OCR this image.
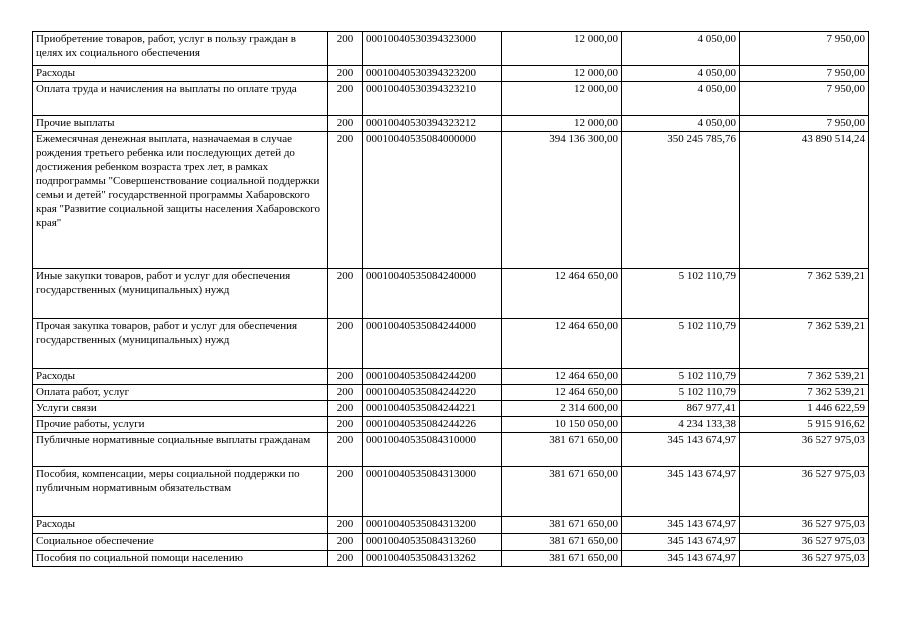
Приобретение товаров, работ, услуг в пользу граждан в целях их социального обеспечения	200	00010040530394323000	12 000,00	4 050,00	7 950,00
Расходы	200	00010040530394323200	12 000,00	4 050,00	7 950,00
Оплата труда и начисления на выплаты по оплате труда	200	00010040530394323210	12 000,00	4 050,00	7 950,00
Прочие выплаты	200	00010040530394323212	12 000,00	4 050,00	7 950,00
Ежемесячная денежная выплата, назначаемая в случае рождения третьего ребенка или последующих детей до достижения ребенком возраста трех лет, в рамках подпрограммы "Совершенствование социальной поддержки семьи и детей" государственной программы Хабаровского края "Развитие социальной защиты населения Хабаровского края"	200	00010040535084000000	394 136 300,00	350 245 785,76	43 890 514,24
Иные закупки товаров, работ и услуг для обеспечения государственных (муниципальных) нужд	200	00010040535084240000	12 464 650,00	5 102 110,79	7 362 539,21
Прочая закупка товаров, работ и услуг для обеспечения государственных (муниципальных) нужд	200	00010040535084244000	12 464 650,00	5 102 110,79	7 362 539,21
Расходы	200	00010040535084244200	12 464 650,00	5 102 110,79	7 362 539,21
Оплата работ, услуг	200	00010040535084244220	12 464 650,00	5 102 110,79	7 362 539,21
Услуги связи	200	00010040535084244221	2 314 600,00	867 977,41	1 446 622,59
Прочие работы, услуги	200	00010040535084244226	10 150 050,00	4 234 133,38	5 915 916,62
Публичные нормативные социальные выплаты гражданам	200	00010040535084310000	381 671 650,00	345 143 674,97	36 527 975,03
Пособия, компенсации, меры социальной поддержки по публичным нормативным обязательствам	200	00010040535084313000	381 671 650,00	345 143 674,97	36 527 975,03
Расходы	200	00010040535084313200	381 671 650,00	345 143 674,97	36 527 975,03
Социальное обеспечение	200	00010040535084313260	381 671 650,00	345 143 674,97	36 527 975,03
Пособия по социальной помощи населению	200	00010040535084313262	381 671 650,00	345 143 674,97	36 527 975,03
